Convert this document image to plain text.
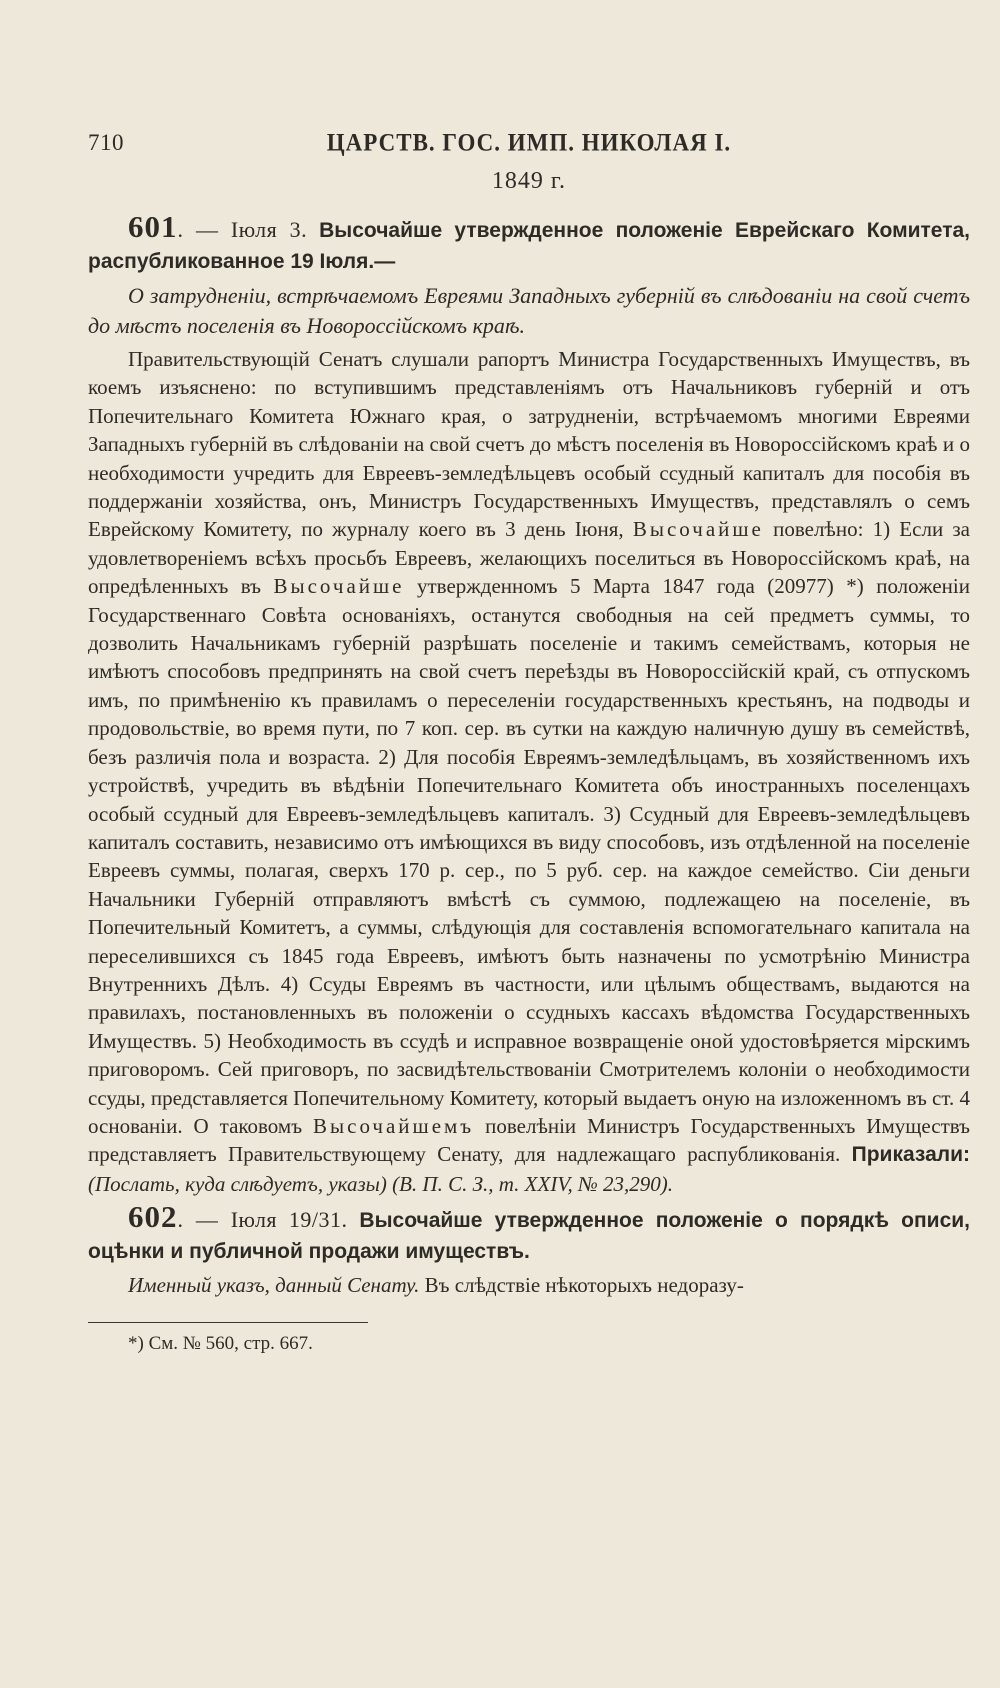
710	ЦАРСТВ. ГОС. ИМП. НИКОЛАЯ I.
1849 г.
601. — Іюля 3. Высочайше утвержденное положеніе Еврейскаго Комитета, распубликованное 19 Іюля.—
О затрудненіи, встрѣчаемомъ Евреями Западныхъ губерній въ слѣдованіи на свой счетъ до мѣстъ поселенія въ Новороссійскомъ краѣ.
Правительствующій Сенатъ слушали рапортъ Министра Государственныхъ Имуществъ, въ коемъ изъяснено: по вступившимъ представленіямъ отъ Начальниковъ губерній и отъ Попечительнаго Комитета Южнаго края, о затрудненіи, встрѣчаемомъ многими Евреями Западныхъ губерній въ слѣдованіи на свой счетъ до мѣстъ поселенія въ Новороссійскомъ краѣ и о необходимости учредить для Евреевъ-земледѣльцевъ особый ссудный капиталъ для пособія въ поддержаніи хозяйства, онъ, Министръ Государственныхъ Имуществъ, представлялъ о семъ Еврейскому Комитету, по журналу коего въ 3 день Іюня, Высочайше повелѣно: 1) Если за удовлетвореніемъ всѣхъ просьбъ Евреевъ, желающихъ поселиться въ Новороссійскомъ краѣ, на опредѣленныхъ въ Высочайше утвержденномъ 5 Марта 1847 года (20977) *) положеніи Государственнаго Совѣта основаніяхъ, останутся свободныя на сей предметъ суммы, то дозволить Начальникамъ губерній разрѣшать поселеніе и такимъ семействамъ, которыя не имѣютъ способовъ предпринять на свой счетъ переѣзды въ Новороссійскій край, съ отпускомъ имъ, по примѣненію къ правиламъ о переселеніи государственныхъ крестьянъ, на подводы и продовольствіе, во время пути, по 7 коп. сер. въ сутки на каждую наличную душу въ семействѣ, безъ различія пола и возраста. 2) Для пособія Евреямъ-земледѣльцамъ, въ хозяйственномъ ихъ устройствѣ, учредить въ вѣдѣніи Попечительнаго Комитета объ иностранныхъ поселенцахъ особый ссудный для Евреевъ-земледѣльцевъ капиталъ. 3) Ссудный для Евреевъ-земледѣльцевъ капиталъ составить, независимо отъ имѣющихся въ виду способовъ, изъ отдѣленной на поселеніе Евреевъ суммы, полагая, сверхъ 170 р. сер., по 5 руб. сер. на каждое семейство. Сіи деньги Начальники Губерній отправляютъ вмѣстѣ съ суммою, подлежащею на поселеніе, въ Попечительный Комитетъ, а суммы, слѣдующія для составленія вспомогательнаго капитала на переселившихся съ 1845 года Евреевъ, имѣютъ быть назначены по усмотрѣнію Министра Внутреннихъ Дѣлъ. 4) Ссуды Евреямъ въ частности, или цѣлымъ обществамъ, выдаются на правилахъ, постановленныхъ въ положеніи о ссудныхъ кассахъ вѣдомства Государственныхъ Имуществъ. 5) Необходимость въ ссудѣ и исправное возвращеніе оной удостовѣряется мірскимъ приговоромъ. Сей приговоръ, по засвидѣтельствованіи Смотрителемъ колоніи о необходимости ссуды, представляется Попечительному Комитету, который выдаетъ оную на изложенномъ въ ст. 4 основаніи. О таковомъ Высочайшемъ повелѣніи Министръ Государственныхъ Имуществъ представляетъ Правительствующему Сенату, для надлежащаго распубликованія. Приказали: (Послать, куда слѣдуетъ, указы) (В. П. С. З., т. XXIV, № 23,290).
602. — Іюля 19/31. Высочайше утвержденное положеніе о порядкѣ описи, оцѣнки и публичной продажи имуществъ.
Именный указъ, данный Сенату. Въ слѣдствіе нѣкоторыхъ недоразу-
*) См. № 560, стр. 667.
